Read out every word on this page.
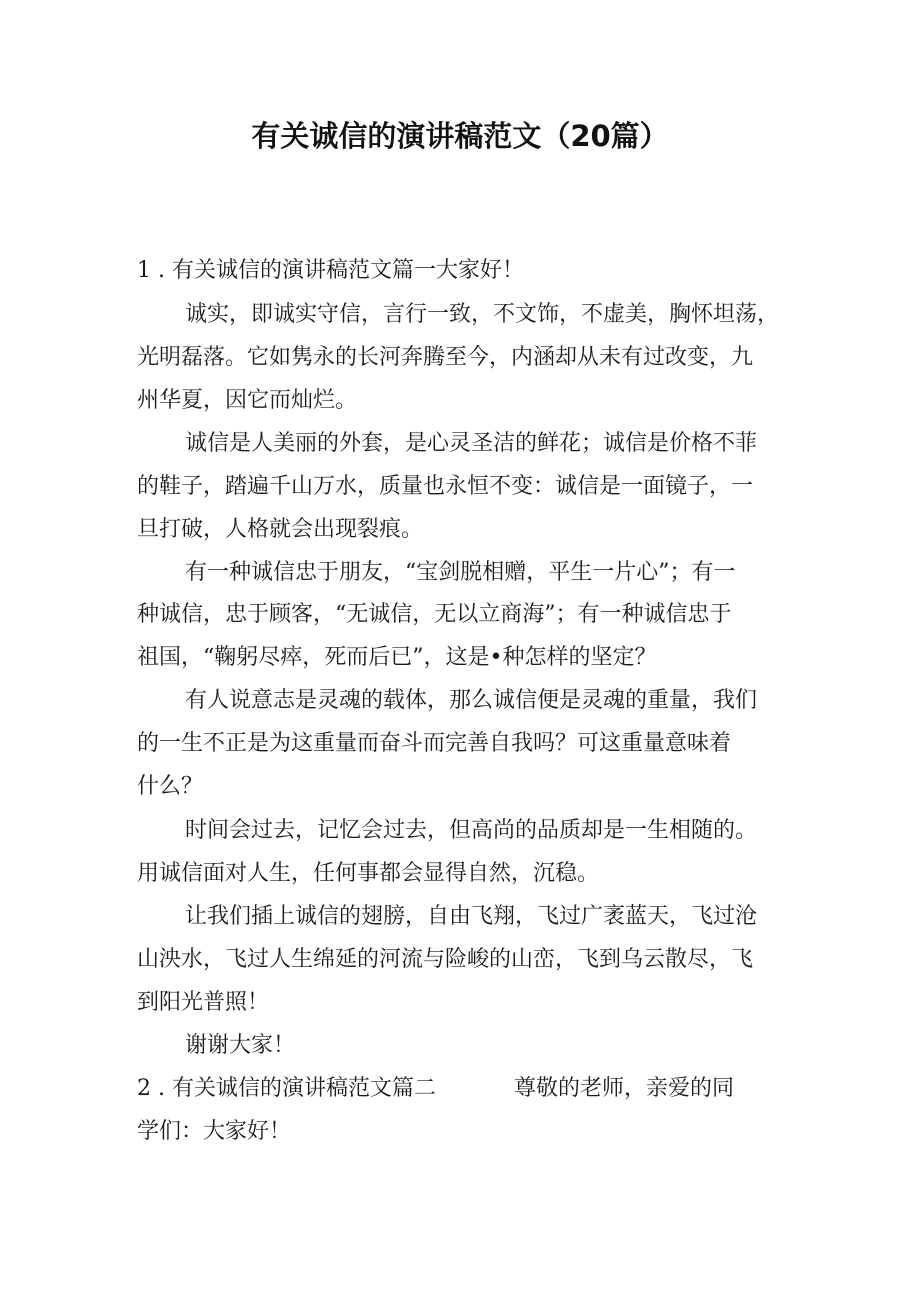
有关诚信的演讲稿范文（20篇）
1 . 有关诚信的演讲稿范文篇一大家好！
诚实，即诚实守信，言行一致，不文饰，不虚美，胸怀坦荡，
光明磊落。它如隽永的长河奔腾至今，内涵却从未有过改变，九
州华夏，因它而灿烂。
诚信是人美丽的外套，是心灵圣洁的鲜花；诚信是价格不菲
的鞋子，踏遍千山万水，质量也永恒不变：诚信是一面镜子，一
旦打破，人格就会出现裂痕。
有一种诚信忠于朋友，“宝剑脱相赠，平生一片心”；有一
种诚信，忠于顾客，“无诚信，无以立商海”；有一种诚信忠于
祖国，“鞠躬尽瘁，死而后已”，这是•种怎样的坚定？
有人说意志是灵魂的载体，那么诚信便是灵魂的重量，我们
的一生不正是为这重量而奋斗而完善自我吗？可这重量意味着
什么？
时间会过去，记忆会过去，但高尚的品质却是一生相随的。
用诚信面对人生，任何事都会显得自然，沉稳。
让我们插上诚信的翅膀，自由飞翔，飞过广袤蓝天，飞过沧
山泱水，飞过人生绵延的河流与险峻的山峦，飞到乌云散尽，飞
到阳光普照！
谢谢大家！
2 . 有关诚信的演讲稿范文篇二	尊敬的老师，亲爱的同
学们：大家好！
